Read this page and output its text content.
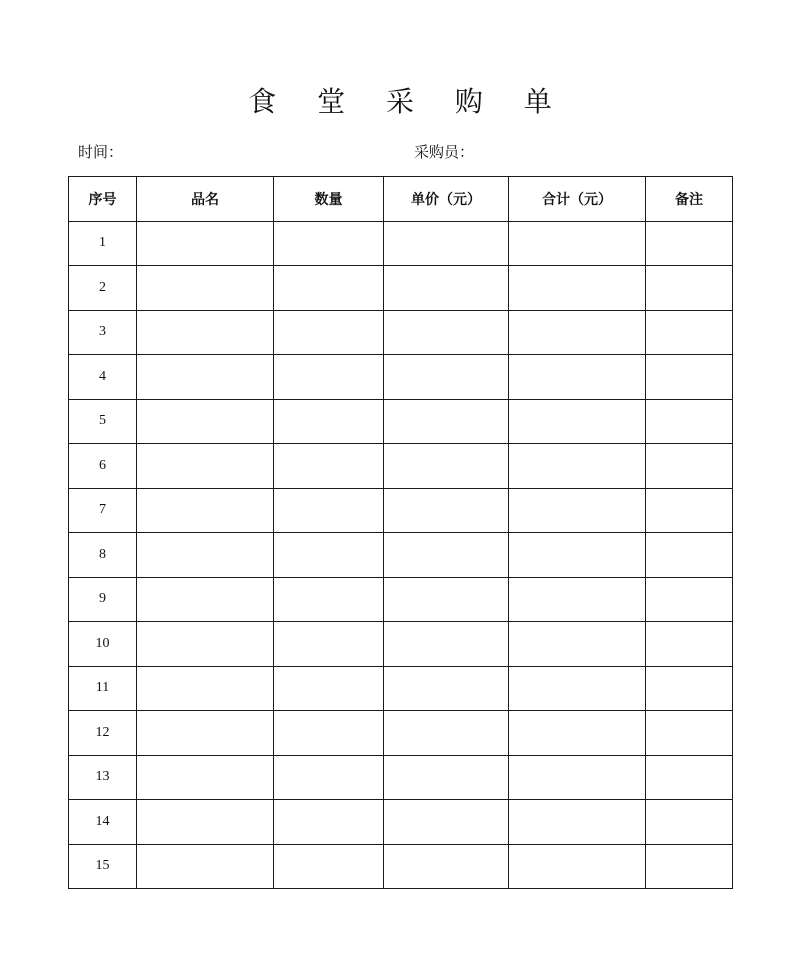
食 堂 采 购 单
时间：	采购员：
序号	品名	数量	单价（元）	合计（元）	备注
1					
2					
3					
4					
5					
6					
7					
8					
9					
10					
11					
12					
13					
14					
15					
